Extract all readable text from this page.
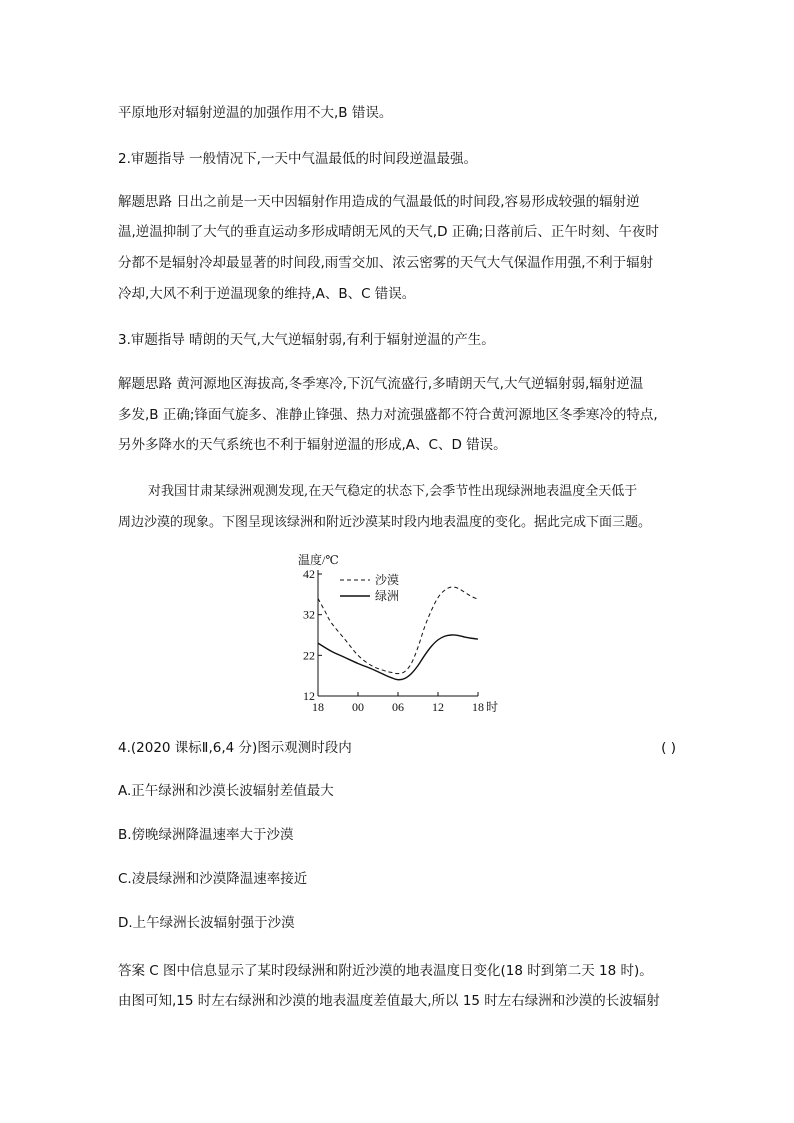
平原地形对辐射逆温的加强作用不大,B 错误。
2.审题指导 一般情况下,一天中气温最低的时间段逆温最强。
解题思路 日出之前是一天中因辐射作用造成的气温最低的时间段,容易形成较强的辐射逆
温,逆温抑制了大气的垂直运动多形成晴朗无风的天气,D 正确;日落前后、正午时刻、午夜时
分都不是辐射冷却最显著的时间段,雨雪交加、浓云密雾的天气大气保温作用强,不利于辐射
冷却,大风不利于逆温现象的维持,A、B、C 错误。
3.审题指导 晴朗的天气,大气逆辐射弱,有利于辐射逆温的产生。
解题思路 黄河源地区海拔高,冬季寒冷,下沉气流盛行,多晴朗天气,大气逆辐射弱,辐射逆温
多发,B 正确;锋面气旋多、准静止锋强、热力对流强盛都不符合黄河源地区冬季寒冷的特点,
另外多降水的天气系统也不利于辐射逆温的形成,A、C、D 错误。
对我国甘肃某绿洲观测发现,在天气稳定的状态下,会季节性出现绿洲地表温度全天低于
周边沙漠的现象。下图呈现该绿洲和附近沙漠某时段内地表温度的变化。据此完成下面三题。
温度/℃
12
22
32
42
18 00 06 12 18 时
沙漠
绿洲
4.(2020 课标Ⅱ,6,4 分)图示观测时段内	( )
A.正午绿洲和沙漠长波辐射差值最大
B.傍晚绿洲降温速率大于沙漠
C.凌晨绿洲和沙漠降温速率接近
D.上午绿洲长波辐射强于沙漠
答案 C 图中信息显示了某时段绿洲和附近沙漠的地表温度日变化(18 时到第二天 18 时)。
由图可知,15 时左右绿洲和沙漠的地表温度差值最大,所以 15 时左右绿洲和沙漠的长波辐射
